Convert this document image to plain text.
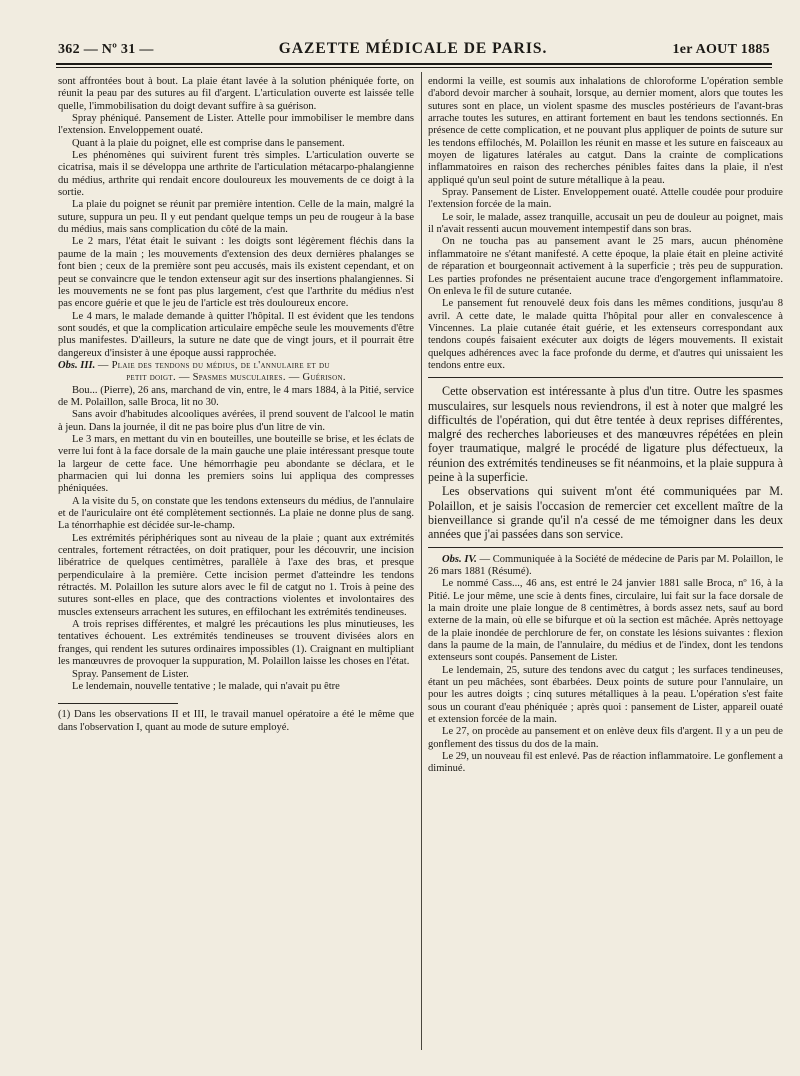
362 — Nº 31 —	GAZETTE MÉDICALE DE PARIS.	1er AOUT 1885

sont affrontées bout à bout. La plaie étant lavée à la solution phéniquée forte, on réunit la peau par des sutures au fil d'argent. L'articulation ouverte est laissée telle quelle, l'immobilisation du doigt devant suffire à sa guérison.

Spray phéniqué. Pansement de Lister. Attelle pour immobiliser le membre dans l'extension. Enveloppement ouaté.

Quant à la plaie du poignet, elle est comprise dans le pansement.

Les phénomènes qui suivirent furent très simples. L'articulation ouverte se cicatrisa, mais il se développa une arthrite de l'articulation métacarpo-phalangienne du médius, arthrite qui rendait encore douloureux les mouvements de ce doigt à la sortie.

La plaie du poignet se réunit par première intention. Celle de la main, malgré la suture, suppura un peu. Il y eut pendant quelque temps un peu de rougeur à la base du médius, mais sans complication du côté de la main.

Le 2 mars, l'état était le suivant : les doigts sont légèrement fléchis dans la paume de la main ; les mouvements d'extension des deux dernières phalanges se font bien ; ceux de la première sont peu accusés, mais ils existent cependant, et on peut se convaincre que le tendon extenseur agit sur des insertions phalangiennes. Si les mouvements ne se font pas plus largement, c'est que l'arthrite du médius n'est pas encore guérie et que le jeu de l'article est très douloureux encore.

Le 4 mars, le malade demande à quitter l'hôpital. Il est évident que les tendons sont soudés, et que la complication articulaire empêche seule les mouvements d'être plus manifestes. D'ailleurs, la suture ne date que de vingt jours, et il pourrait être dangereux d'insister à une époque aussi rapprochée.

Obs. III. — Plaie des tendons du médius, de l'annulaire et du
petit doigt. — Spasmes musculaires. — Guérison.

Bou... (Pierre), 26 ans, marchand de vin, entre, le 4 mars 1884, à la Pitié, service de M. Polaillon, salle Broca, lit no 30.

Sans avoir d'habitudes alcooliques avérées, il prend souvent de l'alcool le matin à jeun. Dans la journée, il dit ne pas boire plus d'un litre de vin.

Le 3 mars, en mettant du vin en bouteilles, une bouteille se brise, et les éclats de verre lui font à la face dorsale de la main gauche une plaie intéressant presque toute la largeur de cette face. Une hémorrhagie peu abondante se déclara, et le pharmacien qui lui donna les premiers soins lui appliqua des compresses phéniquées.

A la visite du 5, on constate que les tendons extenseurs du médius, de l'annulaire et de l'auriculaire ont été complètement sectionnés. La plaie ne donne plus de sang. La ténorrhaphie est décidée sur-le-champ.

Les extrémités périphériques sont au niveau de la plaie ; quant aux extrémités centrales, fortement rétractées, on doit pratiquer, pour les découvrir, une incision libératrice de quelques centimètres, parallèle à l'axe des bras, et presque perpendiculaire à la première. Cette incision permet d'atteindre les tendons rétractés. M. Polaillon les suture alors avec le fil de catgut no 1. Trois à peine des sutures sont-elles en place, que des contractions violentes et involontaires des muscles extenseurs arrachent les sutures, en effilochant les extrémités tendineuses.

A trois reprises différentes, et malgré les précautions les plus minutieuses, les tentatives échouent. Les extrémités tendineuses se trouvent divisées alors en franges, qui rendent les sutures ordinaires impossibles (1). Craignant en multipliant les manœuvres de provoquer la suppuration, M. Polaillon laisse les choses en l'état.

Spray. Pansement de Lister.

Le lendemain, nouvelle tentative ; le malade, qui n'avait pu être

(1) Dans les observations II et III, le travail manuel opératoire a été le même que dans l'observation I, quant au mode de suture employé.

endormi la veille, est soumis aux inhalations de chloroforme L'opération semble d'abord devoir marcher à souhait, lorsque, au dernier moment, alors que toutes les sutures sont en place, un violent spasme des muscles postérieurs de l'avant-bras arrache toutes les sutures, en attirant fortement en baut les tendons sectionnés. En présence de cette complication, et ne pouvant plus appliquer de points de suture sur les tendons effilochés, M. Polaillon les réunit en masse et les suture en faisceaux au moyen de ligatures latérales au catgut. Dans la crainte de complications inflammatoires en raison des recherches pénibles faites dans la plaie, il n'est appliqué qu'un seul point de suture métallique à la peau.

Spray. Pansement de Lister. Enveloppement ouaté. Attelle coudée pour produire l'extension forcée de la main.

Le soir, le malade, assez tranquille, accusait un peu de douleur au poignet, mais il n'avait ressenti aucun mouvement intempestif dans son bras.

On ne toucha pas au pansement avant le 25 mars, aucun phénomène inflammatoire ne s'étant manifesté. A cette époque, la plaie était en pleine activité de réparation et bourgeonnait activement à la superficie ; très peu de suppuration. Les parties profondes ne présentaient aucune trace d'engorgement inflammatoire. On enleva le fil de suture cutanée.

Le pansement fut renouvelé deux fois dans les mêmes conditions, jusqu'au 8 avril. A cette date, le malade quitta l'hôpital pour aller en convalescence à Vincennes. La plaie cutanée était guérie, et les extenseurs correspondant aux tendons coupés faisaient exécuter aux doigts de légers mouvements. Il existait quelques adhérences avec la face profonde du derme, et d'autres qui unissaient les tendons entre eux.

Cette observation est intéressante à plus d'un titre. Outre les spasmes musculaires, sur lesquels nous reviendrons, il est à noter que malgré les difficultés de l'opération, qui dut être tentée à deux reprises différentes, malgré des recherches laborieuses et des manœuvres répétées en plein foyer traumatique, malgré le procédé de ligature plus défectueux, la réunion des extrémités tendineuses se fit néanmoins, et la plaie suppura à peine à la superficie.

Les observations qui suivent m'ont été communiquées par M. Polaillon, et je saisis l'occasion de remercier cet excellent maître de la bienveillance si grande qu'il n'a cessé de me témoigner dans les deux années que j'ai passées dans son service.

Obs. IV. — Communiquée à la Société de médecine de Paris par M. Polaillon, le 26 mars 1881 (Résumé).

Le nommé Cass..., 46 ans, est entré le 24 janvier 1881 salle Broca, nº 16, à la Pitié. Le jour même, une scie à dents fines, circulaire, lui fait sur la face dorsale de la main droite une plaie longue de 8 centimètres, à bords assez nets, sauf au bord externe de la main, où elle se bifurque et où la section est mâchée. Après nettoyage de la plaie inondée de perchlorure de fer, on constate les lésions suivantes : flexion dans la paume de la main, de l'annulaire, du médius et de l'index, dont les tendons extenseurs sont coupés. Pansement de Lister.

Le lendemain, 25, suture des tendons avec du catgut ; les surfaces tendineuses, étant un peu mâchées, sont ébarbées. Deux points de suture pour l'annulaire, un pour les autres doigts ; cinq sutures métalliques à la peau. L'opération s'est faite sous un courant d'eau phéniquée ; après quoi : pansement de Lister, appareil ouaté et extension forcée de la main.

Le 27, on procède au pansement et on enlève deux fils d'argent. Il y a un peu de gonflement des tissus du dos de la main.

Le 29, un nouveau fil est enlevé. Pas de réaction inflammatoire. Le gonflement a diminué.
